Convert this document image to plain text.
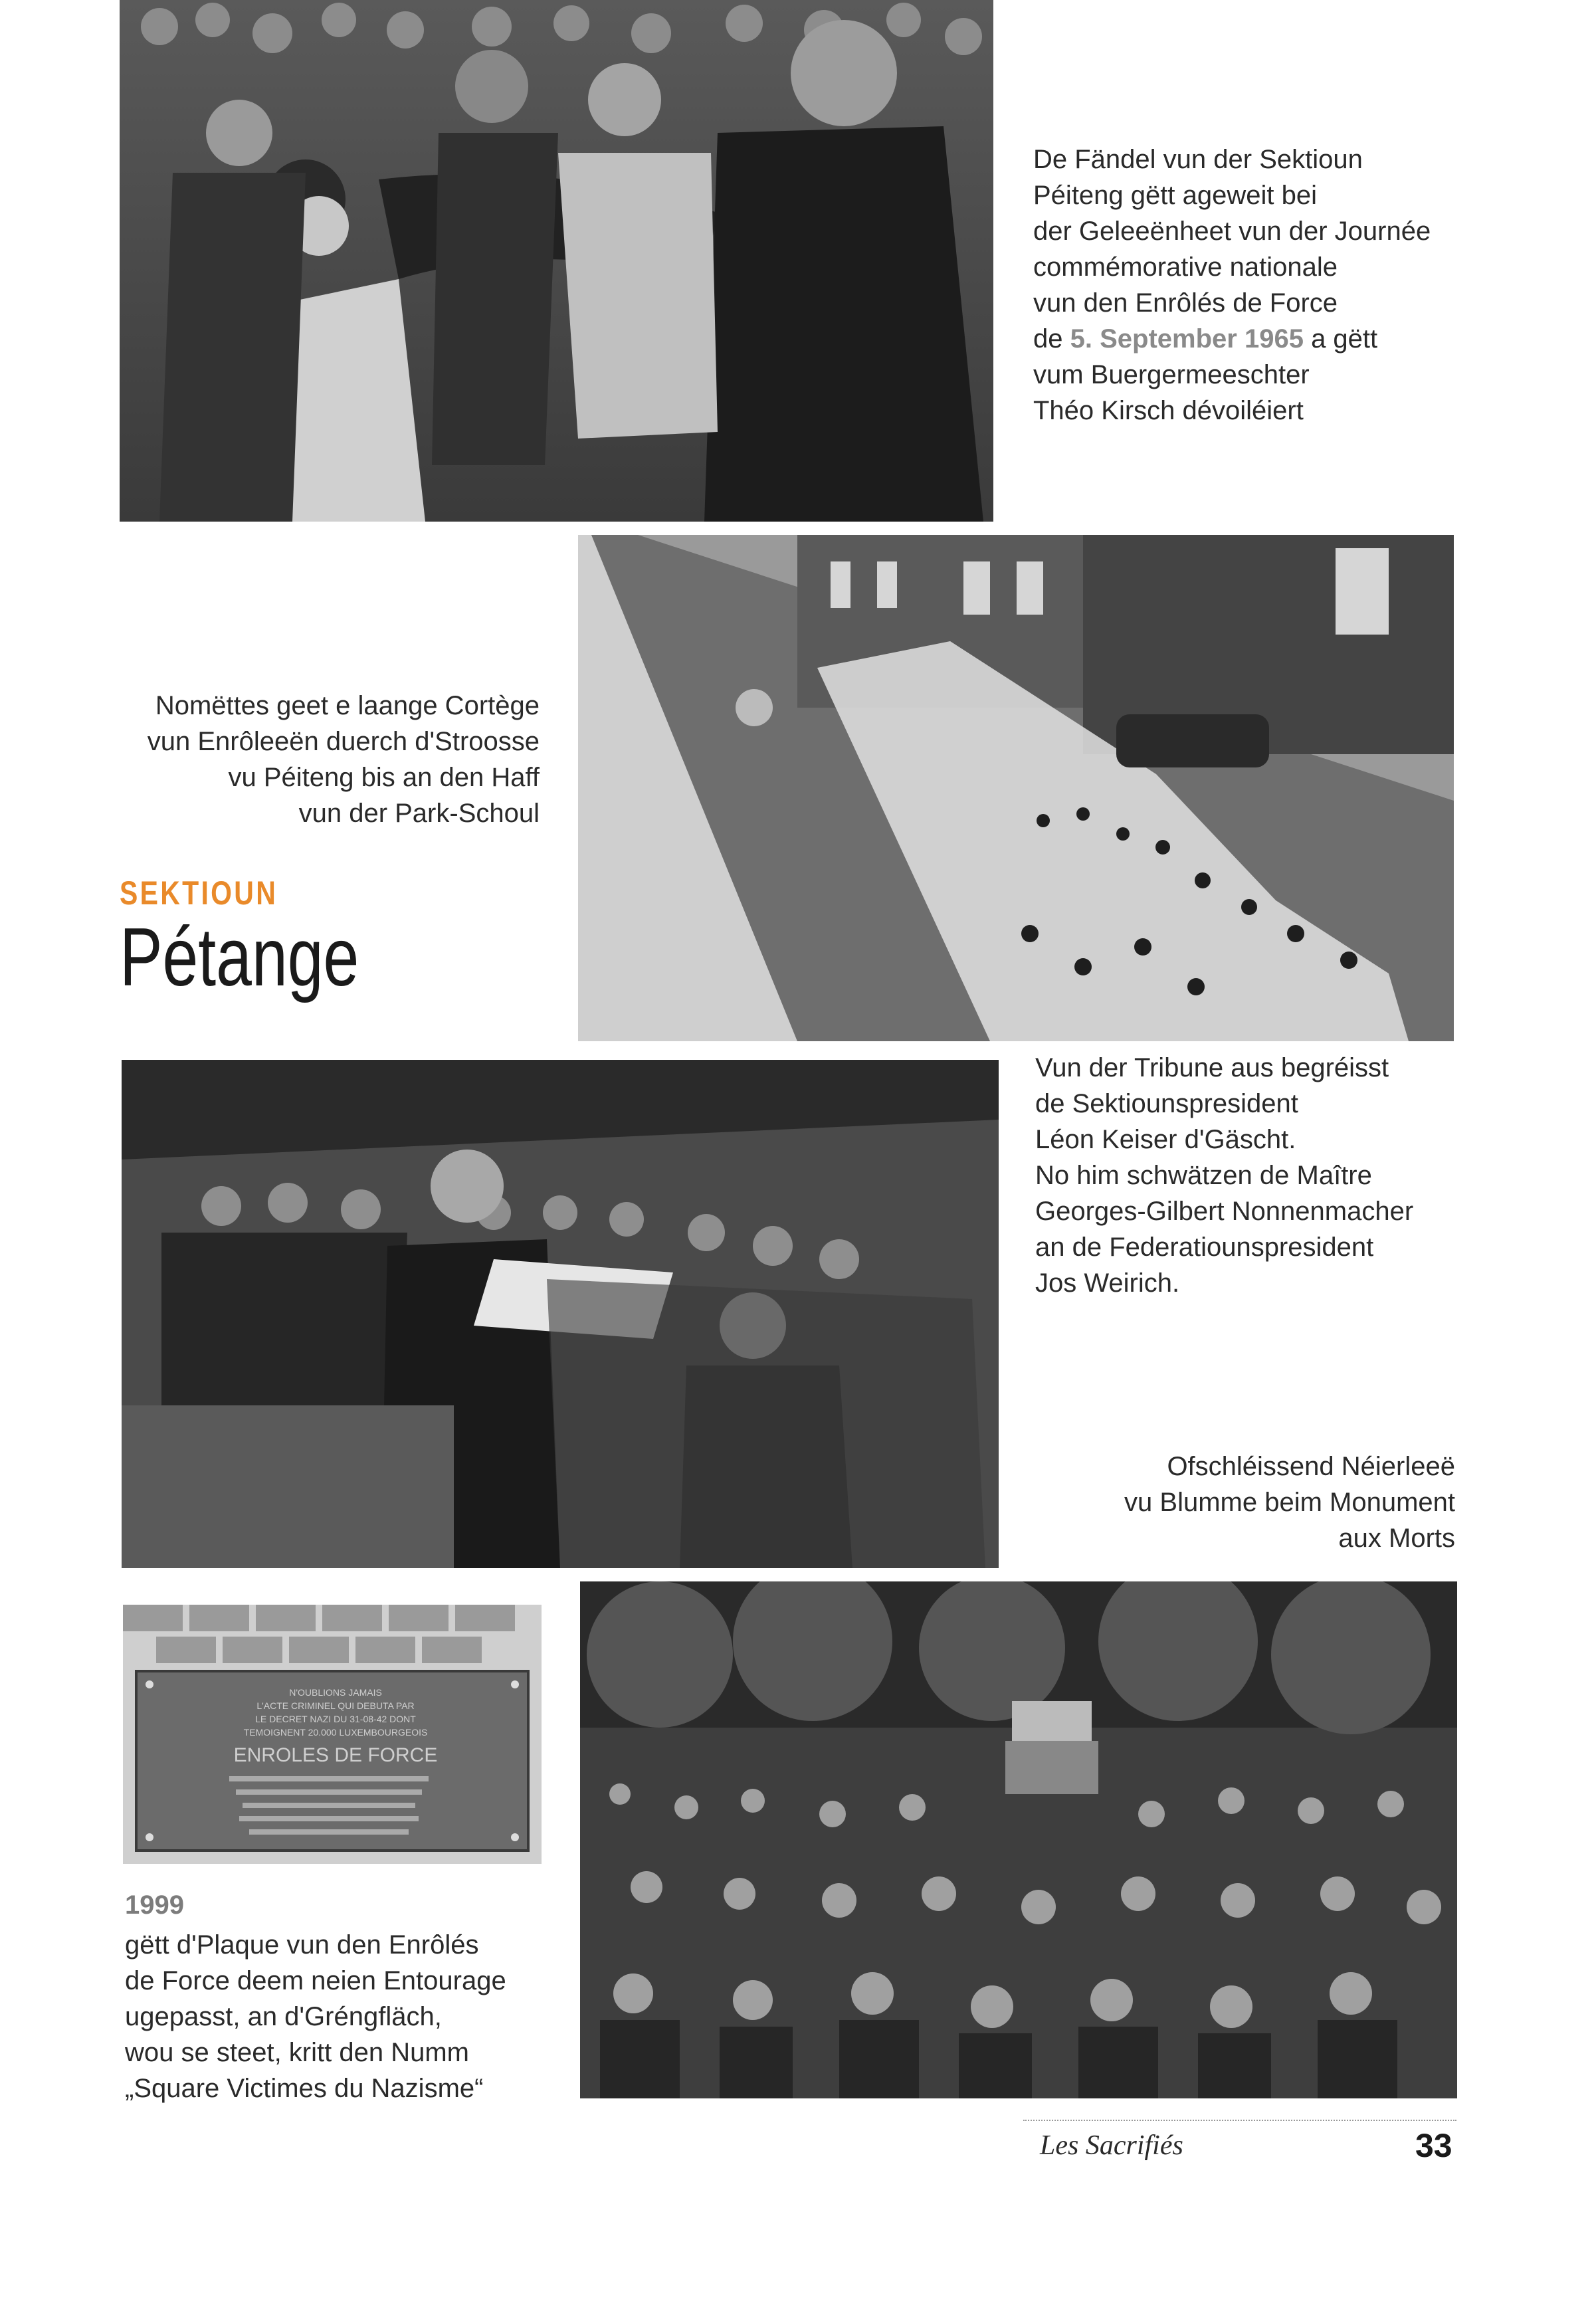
De Fändel vun der Sektioun
Péiteng gëtt ageweit bei
der Geleeënheet vun der Journée
commémorative nationale
vun den Enrôlés de Force
de 5. September 1965 a gëtt
vum Buergermeeschter
Théo Kirsch dévoiléiert
Nomëttes geet e laange Cortège
vun Enrôleeën duerch d'Stroosse
vu Péiteng bis an den Haff
vun der Park-Schoul
SEKTIOUN
Pétange
Vun der Tribune aus begréisst
de Sektiounspresident
Léon Keiser d'Gäscht.
No him schwätzen de Maître
Georges-Gilbert Nonnenmacher
an de Federatiounspresident
Jos Weirich.
Ofschléissend Néierleeë
vu Blumme beim Monument
aux Morts
N'OUBLIONS JAMAIS
L'ACTE CRIMINEL QUI DEBUTA PAR
LE DECRET NAZI DU 31-08-42 DONT
TEMOIGNENT 20.000 LUXEMBOURGEOIS
ENROLES DE FORCE
1999
gëtt d'Plaque vun den Enrôlés
de Force deem neien Entourage
ugepasst, an d'Gréngfläch,
wou se steet, kritt den Numm
„Square Victimes du Nazisme“
Les Sacrifiés	33
